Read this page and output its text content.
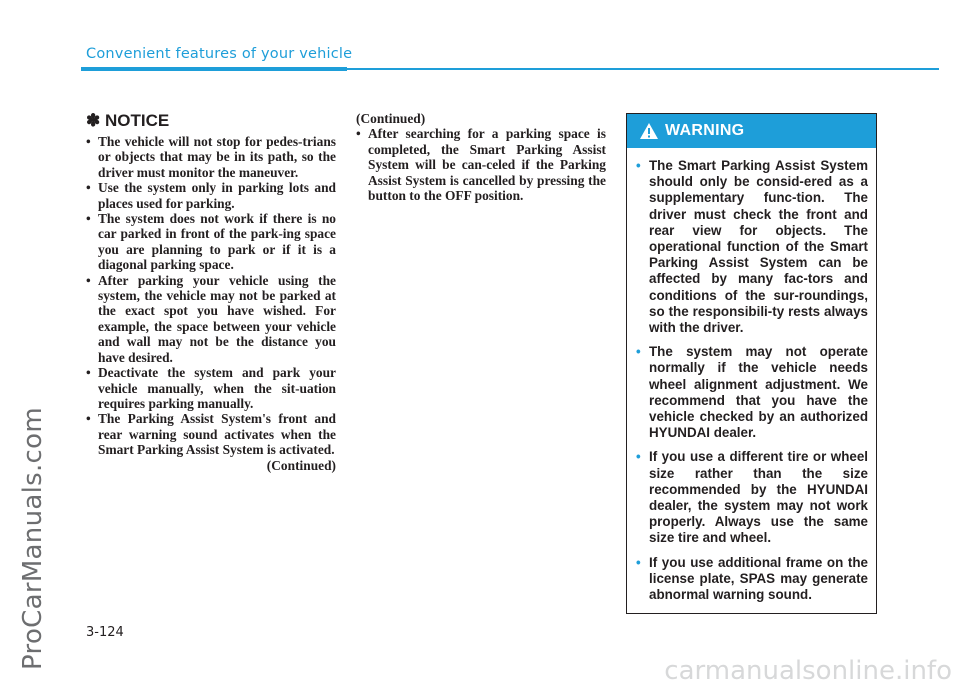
Convenient features of your vehicle
ProCarManuals.com
✽ NOTICE
• The vehicle will not stop for pedes-trians or objects that may be in its path, so the driver must monitor the maneuver.
• Use the system only in parking lots and places used for parking.
• The system does not work if there is no car parked in front of the park-ing space you are planning to park or if it is a diagonal parking space.
• After parking your vehicle using the system, the vehicle may not be parked at the exact spot you have wished. For example, the space between your vehicle and wall may not be the distance you have desired.
• Deactivate the system and park your vehicle manually, when the sit-uation requires parking manually.
• The Parking Assist System's front and rear warning sound activates when the Smart Parking Assist System is activated.
(Continued)
(Continued)
• After searching for a parking space is completed, the Smart Parking Assist System will be can-celed if the Parking Assist System is cancelled by pressing the button to the OFF position.
WARNING
• The Smart Parking Assist System should only be consid-ered as a supplementary func-tion. The driver must check the front and rear view for objects. The operational function of the Smart Parking Assist System can be affected by many fac-tors and conditions of the sur-roundings, so the responsibili-ty rests always with the driver.
• The system may not operate normally if the vehicle needs wheel alignment adjustment. We recommend that you have the vehicle checked by an authorized HYUNDAI dealer.
• If you use a different tire or wheel size rather than the size recommended by the HYUNDAI dealer, the system may not work properly. Always use the same size tire and wheel.
• If you use additional frame on the license plate, SPAS may generate abnormal warning sound.
3-124
carmanualsonline.info
